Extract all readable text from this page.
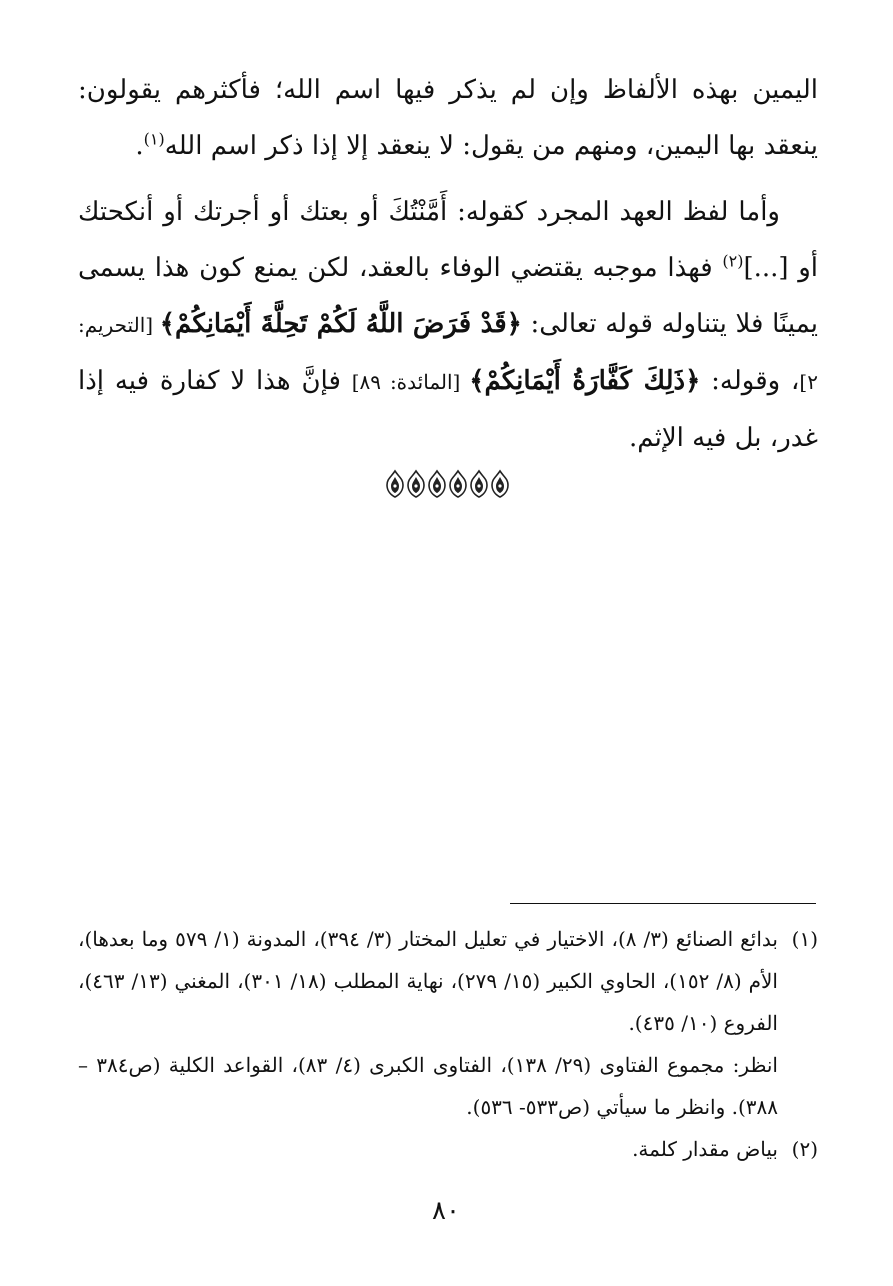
اليمين بهذه الألفاظ وإن لم يذكر فيها اسم الله؛ فأكثرهم يقولون: ينعقد بها اليمين، ومنهم من يقول: لا ينعقد إلا إذا ذكر اسم الله$^{(١)}$.

وأما لفظ العهد المجرد كقوله: أَمَّنْتُكَ أو بعتك أو أجرتك أو أنكحتك أو [...]$^{(٢)}$ فهذا موجبه يقتضي الوفاء بالعقد، لكن يمنع كون هذا يسمى يمينًا فلا يتناوله قوله تعالى: ﴿قَدْ فَرَضَ اللَّهُ لَكُمْ تَحِلَّةَ أَيْمَانِكُمْ﴾ [التحريم: ٢]، وقوله: ﴿ذَلِكَ كَفَّارَةُ أَيْمَانِكُمْ﴾ [المائدة: ٨٩] فإنَّ هذا لا كفارة فيه إذا غدر، بل فيه الإثم.

(١)

بدائع الصنائع (٣/ ٨)، الاختيار في تعليل المختار (٣/ ٣٩٤)، المدونة (١/ ٥٧٩ وما بعدها)، الأم (٨/ ١٥٢)، الحاوي الكبير (١٥/ ٢٧٩)، نهاية المطلب (١٨/ ٣٠١)، المغني (١٣/ ٤٦٣)، الفروع (١٠/ ٤٣٥).

انظر: مجموع الفتاوى (٢٩/ ١٣٨)، الفتاوى الكبرى (٤/ ٨٣)، القواعد الكلية (ص٣٨٤ – ٣٨٨). وانظر ما سيأتي (ص٥٣٣- ٥٣٦).

(٢)

بياض مقدار كلمة.

٨٠
